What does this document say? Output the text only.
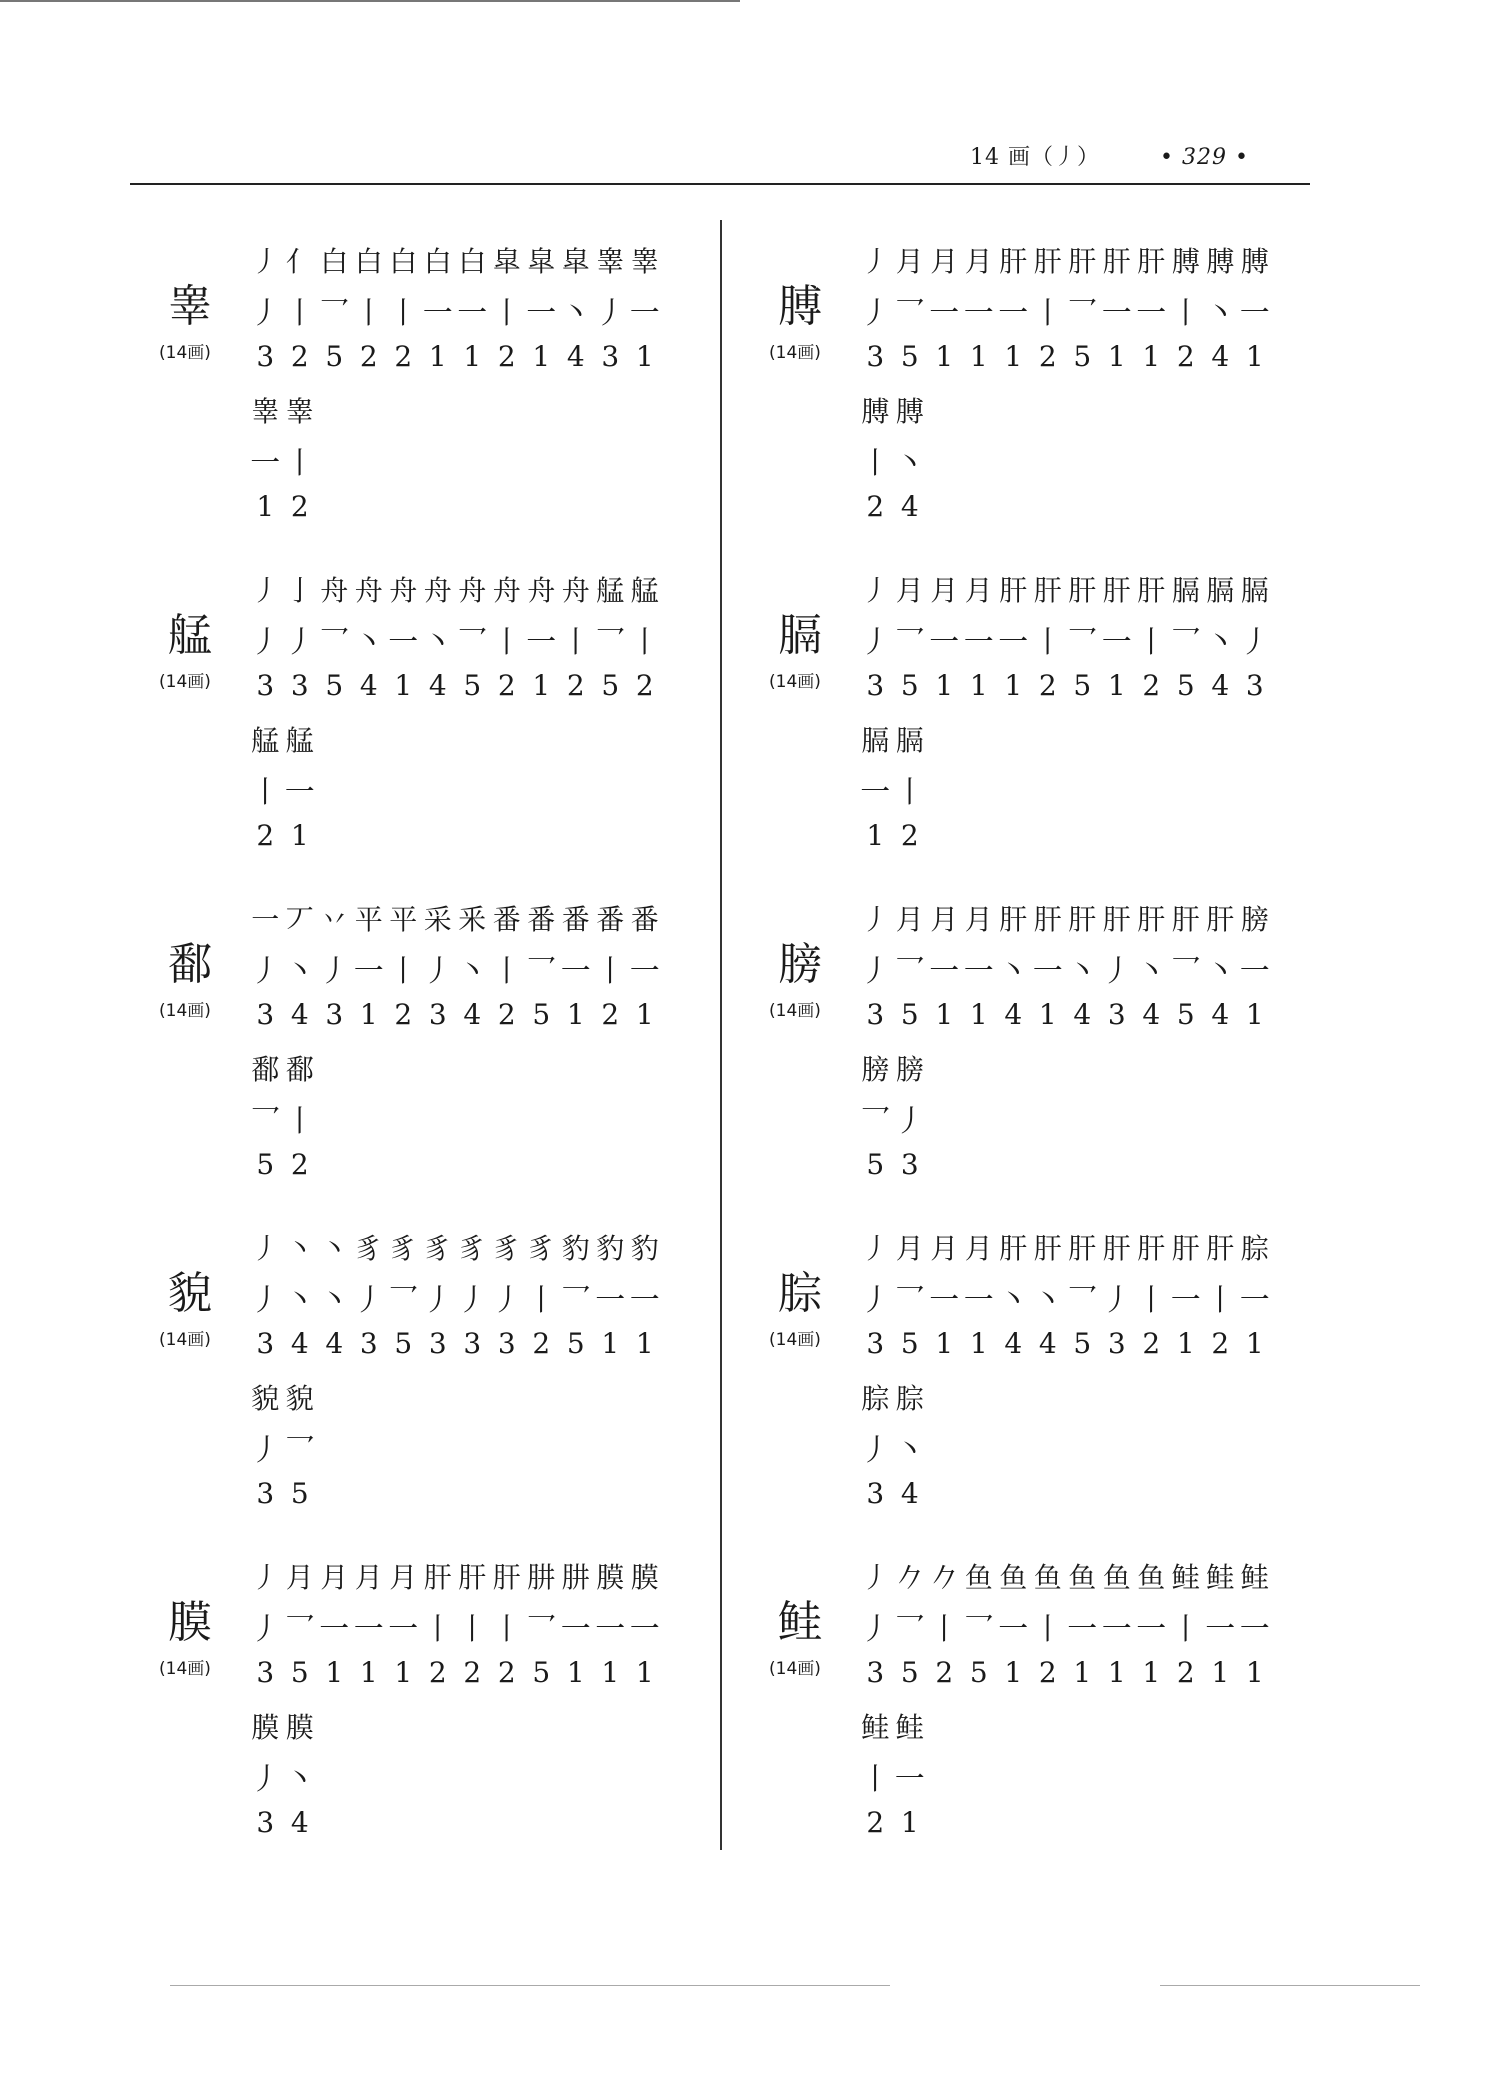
14 画（丿）	• 329 •
睾
(14画)
丿 亻 白 白 白 白 白 皐 皐 皐 睾 睾
丿 丨 乛 丨 丨 一 一 丨 一 丶 丿 一
3 2 5 2 2 1 1 2 1 4 3 1
睾 睾
一 丨
1 2
艋
(14画)
丿 亅 舟 舟 舟 舟 舟 舟 舟 舟 艋 艋
丿 丿 乛 丶 一 丶 乛 丨 一 丨 乛 丨
3 3 5 4 1 4 5 2 1 2 5 2
艋 艋
丨 一
2 1
鄱
(14画)
一 丆 丷 平 平 采 釆 番 番 番 番 番
丿 丶 丿 一 丨 丿 丶 丨 乛 一 丨 一
3 4 3 1 2 3 4 2 5 1 2 1
鄱 鄱
乛 丨
5 2
貌
(14画)
丿 丶 丶 豸 豸 豸 豸 豸 豸 豹 豹 豹
丿 丶 丶 丿 乛 丿 丿 丿 丨 乛 一 一
3 4 4 3 5 3 3 3 2 5 1 1
貌 貌
丿 乛
3 5
膜
(14画)
丿 月 月 月 月 肝 肝 肝 肼 肼 膜 膜
丿 乛 一 一 一 丨 丨 丨 乛 一 一 一
3 5 1 1 1 2 2 2 5 1 1 1
膜 膜
丿 丶
3 4
膊
(14画)
丿 月 月 月 肝 肝 肝 肝 肝 膊 膊 膊
丿 乛 一 一 一 丨 乛 一 一 丨 丶 一
3 5 1 1 1 2 5 1 1 2 4 1
膊 膊
丨 丶
2 4
膈
(14画)
丿 月 月 月 肝 肝 肝 肝 肝 膈 膈 膈
丿 乛 一 一 一 丨 乛 一 丨 乛 丶 丿
3 5 1 1 1 2 5 1 2 5 4 3
膈 膈
一 丨
1 2
膀
(14画)
丿 月 月 月 肝 肝 肝 肝 肝 肝 肝 膀
丿 乛 一 一 丶 一 丶 丿 丶 乛 丶 一
3 5 1 1 4 1 4 3 4 5 4 1
膀 膀
乛 丿
5 3
腙
(14画)
丿 月 月 月 肝 肝 肝 肝 肝 肝 肝 腙
丿 乛 一 一 丶 丶 乛 丿 丨 一 丨 一
3 5 1 1 4 4 5 3 2 1 2 1
腙 腙
丿 丶
3 4
鲑
(14画)
丿 𠂊 𠂊 鱼 鱼 鱼 鱼 鱼 鱼 鲑 鲑 鲑
丿 乛 丨 乛 一 丨 一 一 一 丨 一 一
3 5 2 5 1 2 1 1 1 2 1 1
鲑 鲑
丨 一
2 1
